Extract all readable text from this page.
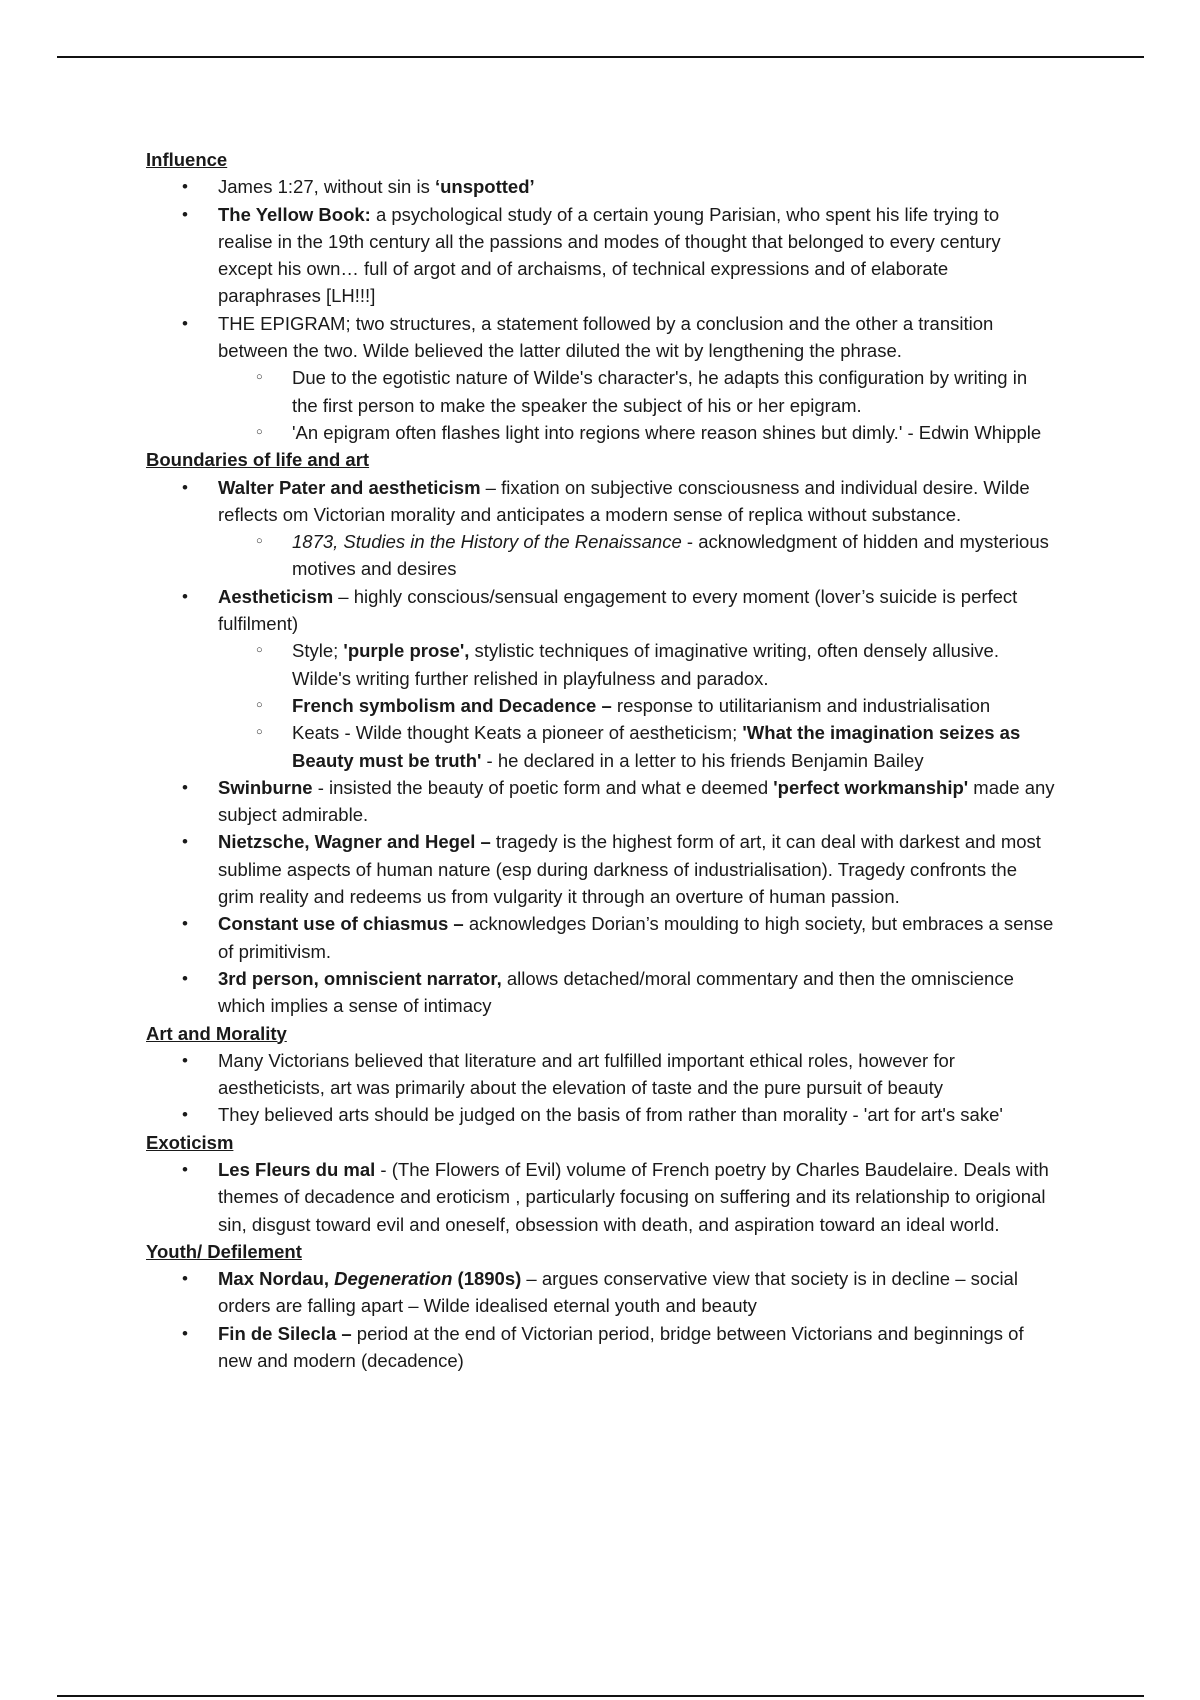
Influence
• James 1:27, without sin is ‘unspotted’
• The Yellow Book: a psychological study of a certain young Parisian, who spent his life trying to realise in the 19th century all the passions and modes of thought that belonged to every century except his own… full of argot and of archaisms, of technical expressions and of elaborate paraphrases [LH!!!]
• THE EPIGRAM; two structures, a statement followed by a conclusion and the other a transition between the two. Wilde believed the latter diluted the wit by lengthening the phrase.
○ Due to the egotistic nature of Wilde's character's, he adapts this configuration by writing in the first person to make the speaker the subject of his or her epigram.
○ 'An epigram often flashes light into regions where reason shines but dimly.' - Edwin Whipple
Boundaries of life and art
• Walter Pater and aestheticism – fixation on subjective consciousness and individual desire. Wilde reflects om Victorian morality and anticipates a modern sense of replica without substance.
○ 1873, Studies in the History of the Renaissance - acknowledgment of hidden and mysterious motives and desires
• Aestheticism – highly conscious/sensual engagement to every moment (lover’s suicide is perfect fulfilment)
○ Style; 'purple prose', stylistic techniques of imaginative writing, often densely allusive. Wilde's writing further relished in playfulness and paradox.
○ French symbolism and Decadence – response to utilitarianism and industrialisation
○ Keats - Wilde thought Keats a pioneer of aestheticism; 'What the imagination seizes as Beauty must be truth' - he declared in a letter to his friends Benjamin Bailey
• Swinburne - insisted the beauty of poetic form and what e deemed 'perfect workmanship' made any subject admirable.
• Nietzsche, Wagner and Hegel – tragedy is the highest form of art, it can deal with darkest and most sublime aspects of human nature (esp during darkness of industrialisation). Tragedy confronts the grim reality and redeems us from vulgarity it through an overture of human passion.
• Constant use of chiasmus – acknowledges Dorian’s moulding to high society, but embraces a sense of primitivism.
• 3rd person, omniscient narrator, allows detached/moral commentary and then the omniscience which implies a sense of intimacy
Art and Morality
• Many Victorians believed that literature and art fulfilled important ethical roles, however for aestheticists, art was primarily about the elevation of taste and the pure pursuit of beauty
• They believed arts should be judged on the basis of from rather than morality - 'art for art's sake'
Exoticism
• Les Fleurs du mal - (The Flowers of Evil) volume of French poetry by Charles Baudelaire. Deals with themes of decadence and eroticism , particularly focusing on suffering and its relationship to origional sin, disgust toward evil and oneself, obsession with death, and aspiration toward an ideal world.
Youth/ Defilement
• Max Nordau, Degeneration (1890s) – argues conservative view that society is in decline – social orders are falling apart – Wilde idealised eternal youth and beauty
• Fin de Silecla – period at the end of Victorian period, bridge between Victorians and beginnings of new and modern (decadence)
